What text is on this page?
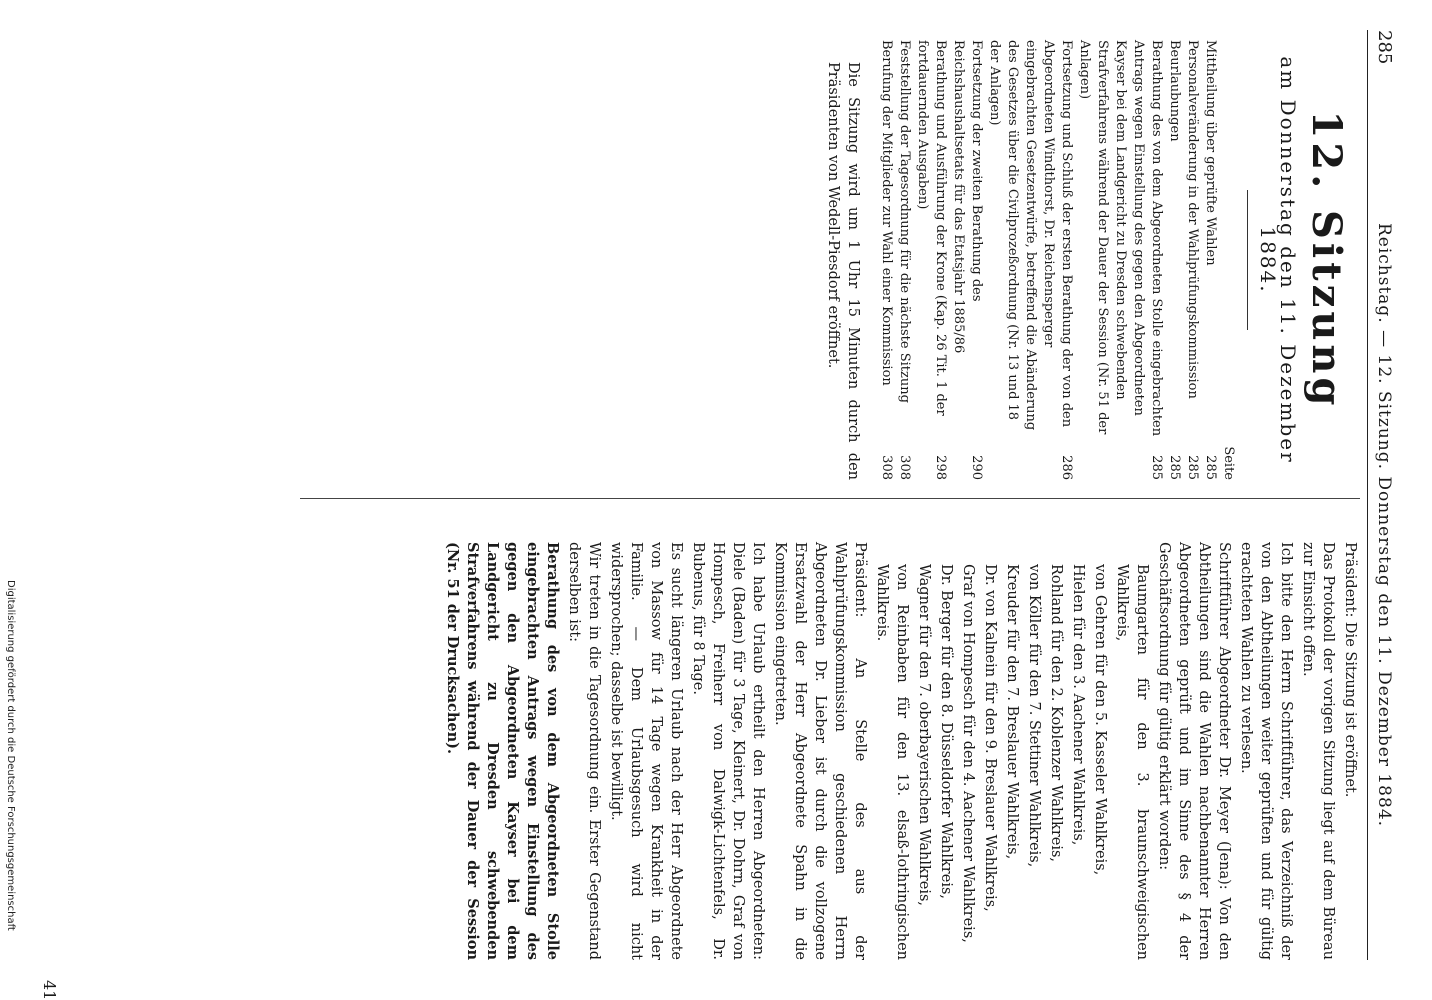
285
Reichstag. — 12. Sitzung. Donnerstag den 11. Dezember 1884.
12. Sitzung
am Donnerstag den 11. Dezember 1884.
Seite
Mittheilung über geprüfte Wahlen
285
Personalveränderung in der Wahlprüfungskommission
285
Beurlaubungen
285
Berathung des von dem Abgeordneten Stolle eingebrachten Antrags wegen Einstellung des gegen den Abgeordneten Kayser bei dem Landgericht zu Dresden schwebenden Strafverfahrens während der Dauer der Session (Nr. 51 der Anlagen)
285
Fortsetzung und Schluß der ersten Berathung der von den Abgeordneten Windthorst, Dr. Reichensperger eingebrachten Gesetzentwürfe, betreffend die Abänderung des Gesetzes über die Civilprozeßordnung (Nr. 13 und 18 der Anlagen)
286
Fortsetzung der zweiten Berathung des Reichshaushaltsetats für das Etatsjahr 1885/86
290
Berathung und Ausführung der Krone (Kap. 26 Tit. 1 der fortdauernden Ausgaben)
298
Feststellung der Tagesordnung für die nächste Sitzung
308
Berufung der Mitglieder zur Wahl einer Kommission
308

Die Sitzung wird um 1 Uhr 15 Minuten durch den Präsidenten von Wedell-Piesdorf eröffnet.

Präsident: Die Sitzung ist eröffnet.

Das Protokoll der vorigen Sitzung liegt auf dem Büreau zur Einsicht offen.

Ich bitte den Herrn Schriftführer, das Verzeichniß der von den Abtheilungen weiter geprüften und für gültig erachteten Wahlen zu verlesen.

Schriftführer Abgeordneter Dr. Meyer (Jena): Von den Abtheilungen sind die Wahlen nachbenannter Herren Abgeordneten geprüft und im Sinne des § 4 der Geschäftsordnung für gültig erklärt worden:

Baumgarten für den 3. braunschweigischen Wahlkreis,

von Gehren für den 5. Kasseler Wahlkreis,

Hielen für den 3. Aachener Wahlkreis,

Rohland für den 2. Koblenzer Wahlkreis,

von Köller für den 7. Stettiner Wahlkreis,

Kreuder für den 7. Breslauer Wahlkreis,

Dr. von Kalnein für den 9. Breslauer Wahlkreis,

Graf von Hompesch für den 4. Aachener Wahlkreis,

Dr. Berger für den 8. Düsseldorfer Wahlkreis,

Wagner für den 7. oberbayerischen Wahlkreis,

von Reinbaben für den 13. elsaß-lothringischen Wahlkreis.

Präsident: An Stelle des aus der Wahlprüfungskommission geschiedenen Herrn Abgeordneten Dr. Lieber ist durch die vollzogene Ersatzwahl der Herr Abgeordnete Spahn in die Kommission eingetreten.

Ich habe Urlaub ertheilt den Herren Abgeordneten: Diele (Baden) für 3 Tage, Kleinert, Dr. Dohrn, Graf von Hompesch, Freiherr von Dalwigk-Lichtenfels, Dr. Bubenus, für 8 Tage.

Es sucht längeren Urlaub nach der Herr Abgeordnete von Massow für 14 Tage wegen Krankheit in der Familie. — Dem Urlaubsgesuch wird nicht widersprochen; dasselbe ist bewilligt.

Wir treten in die Tagesordnung ein. Erster Gegenstand derselben ist:

Berathung des von dem Abgeordneten Stolle eingebrachten Antrags wegen Einstellung des gegen den Abgeordneten Kayser bei dem Landgericht zu Dresden schwebenden Strafverfahrens während der Dauer der Session (Nr. 51 der Drucksachen).

41
Digitalisierung gefördert durch die Deutsche Forschungsgemeinschaft
